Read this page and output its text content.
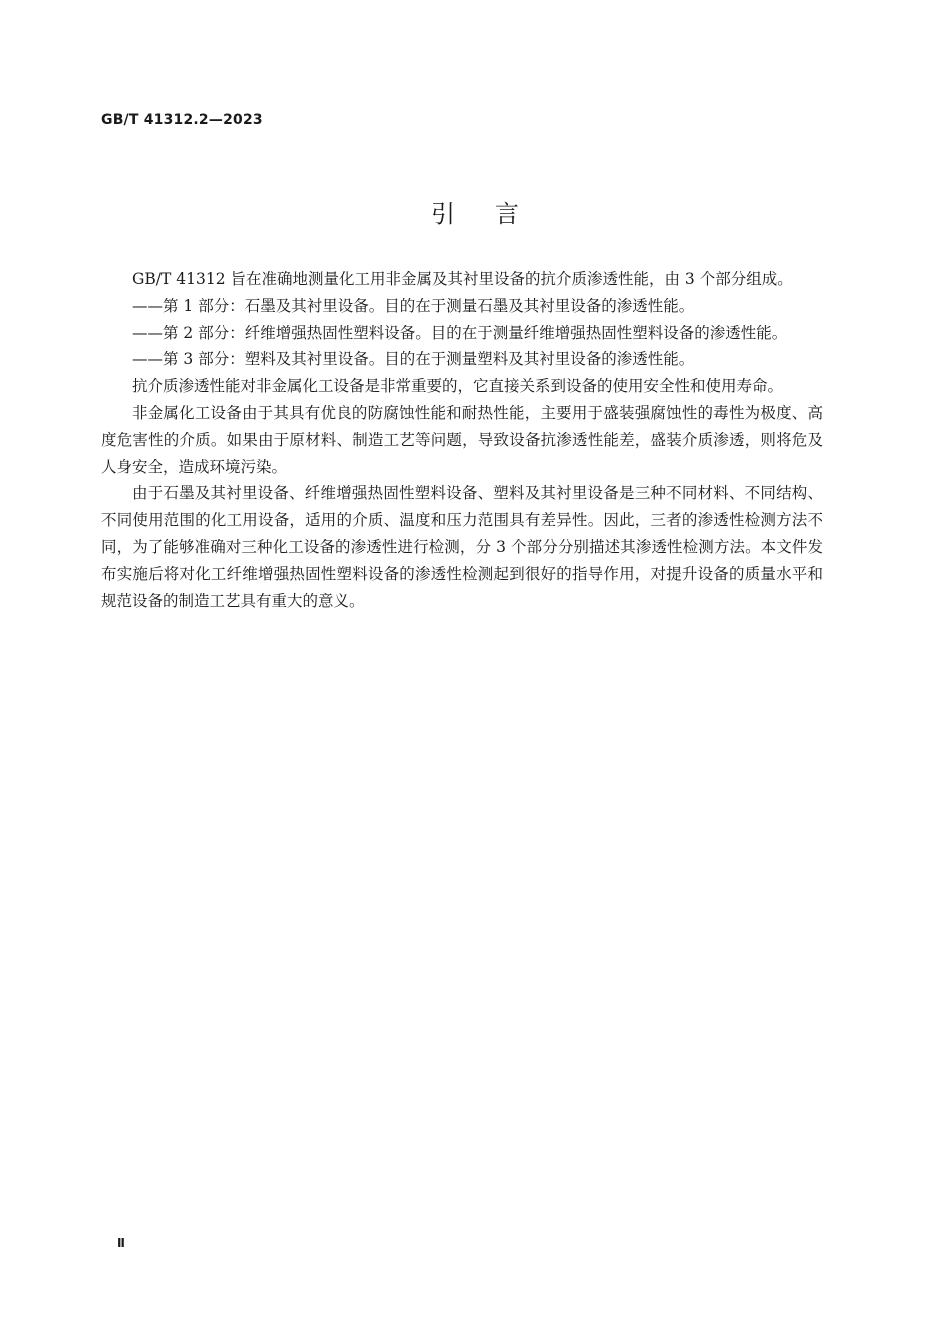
GB/T 41312.2—2023
引言

GB/T 41312 旨在准确地测量化工用非金属及其衬里设备的抗介质渗透性能，由 3 个部分组成。

——第 1 部分：石墨及其衬里设备。目的在于测量石墨及其衬里设备的渗透性能。

——第 2 部分：纤维增强热固性塑料设备。目的在于测量纤维增强热固性塑料设备的渗透性能。

——第 3 部分：塑料及其衬里设备。目的在于测量塑料及其衬里设备的渗透性能。

抗介质渗透性能对非金属化工设备是非常重要的，它直接关系到设备的使用安全性和使用寿命。

非金属化工设备由于其具有优良的防腐蚀性能和耐热性能，主要用于盛装强腐蚀性的毒性为极度、高度危害性的介质。如果由于原材料、制造工艺等问题，导致设备抗渗透性能差，盛装介质渗透，则将危及人身安全，造成环境污染。

由于石墨及其衬里设备、纤维增强热固性塑料设备、塑料及其衬里设备是三种不同材料、不同结构、不同使用范围的化工用设备，适用的介质、温度和压力范围具有差异性。因此，三者的渗透性检测方法不同，为了能够准确对三种化工设备的渗透性进行检测，分 3 个部分分别描述其渗透性检测方法。本文件发布实施后将对化工纤维增强热固性塑料设备的渗透性检测起到很好的指导作用，对提升设备的质量水平和规范设备的制造工艺具有重大的意义。

Ⅱ
